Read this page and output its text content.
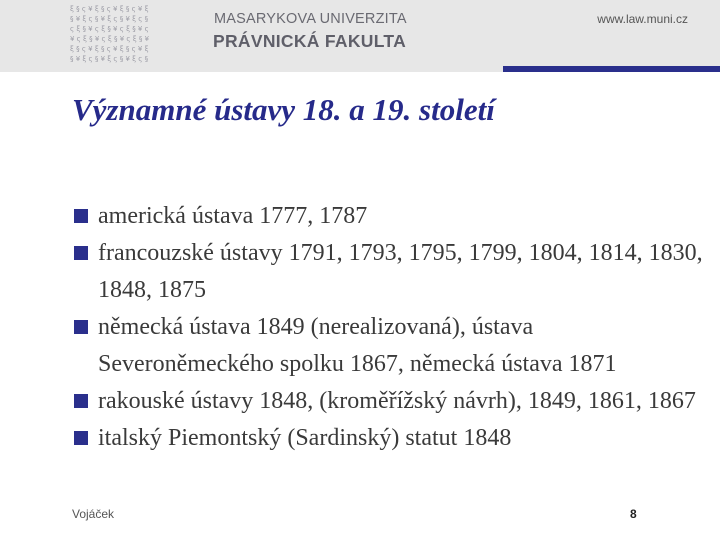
ξ § ς ¥ ξ § ς ¥ ξ § ς ¥ ξ
§ ¥ ξ ς § ¥ ξ ς § ¥ ξ ς §
ς ξ § ¥ ς ξ § ¥ ς ξ § ¥ ς
¥ ς ξ § ¥ ς ξ § ¥ ς ξ § ¥
ξ § ς ¥ ξ § ς ¥ ξ § ς ¥ ξ
§ ¥ ξ ς § ¥ ξ ς § ¥ ξ ς §
MASARYKOVA UNIVERZITA
PRÁVNICKÁ FAKULTA
www.law.muni.cz
Významné ústavy 18. a 19. století
americká ústava 1777, 1787
francouzské ústavy 1791, 1793, 1795, 1799, 1804, 1814, 1830, 1848, 1875
německá ústava 1849 (nerealizovaná), ústava Severoněmeckého spolku 1867, německá ústava 1871
rakouské ústavy 1848, (kroměřížský návrh), 1849, 1861, 1867
italský Piemontský (Sardinský) statut 1848
Vojáček	8
